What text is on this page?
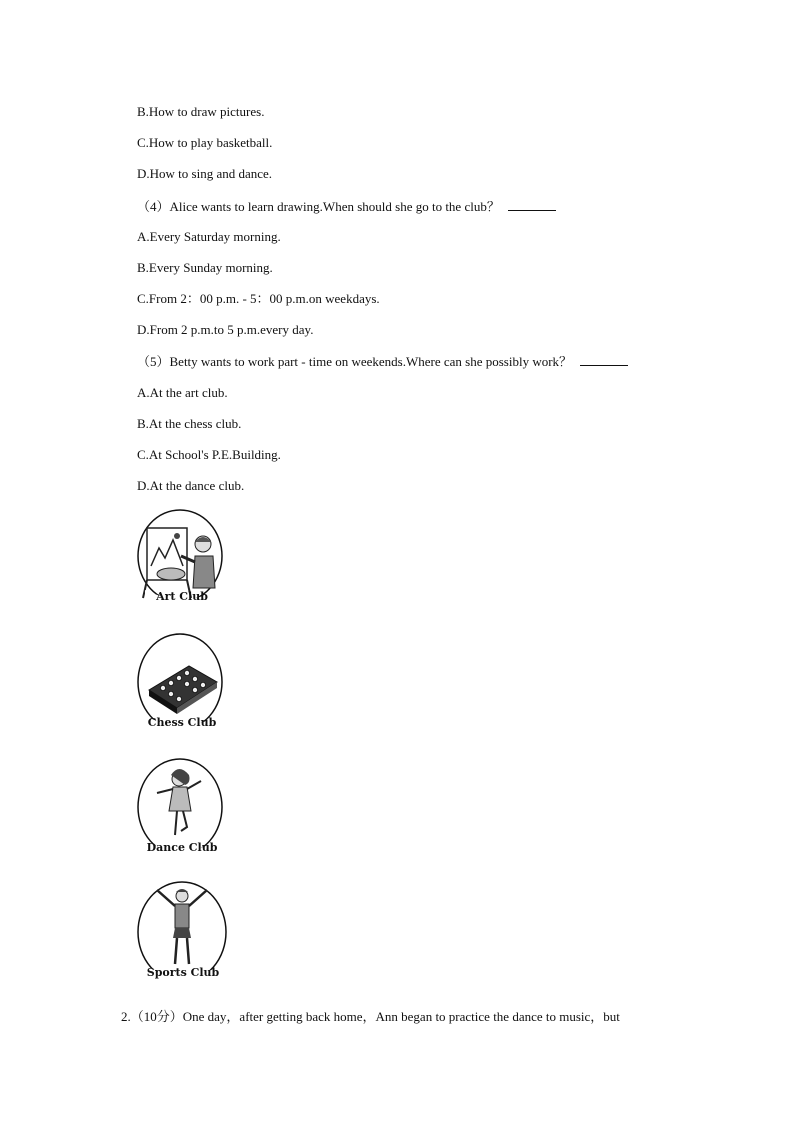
B.How to draw pictures.
C.How to play basketball.
D.How to sing and dance.
（4）Alice wants to learn drawing.When should she go to the club？
A.Every Saturday morning.
B.Every Sunday morning.
C.From 2：00 p.m. ‐ 5：00 p.m.on weekdays.
D.From 2 p.m.to 5 p.m.every day.
（5）Betty wants to work part ‐ time on weekends.Where can she possibly work？
A.At the art club.
B.At the chess club.
C.At School's P.E.Building.
D.At the dance club.
Art Club
Chess Club
Dance Club
Sports Club
2.（10分）One day，after getting back home，Ann began to practice the dance to music，but
